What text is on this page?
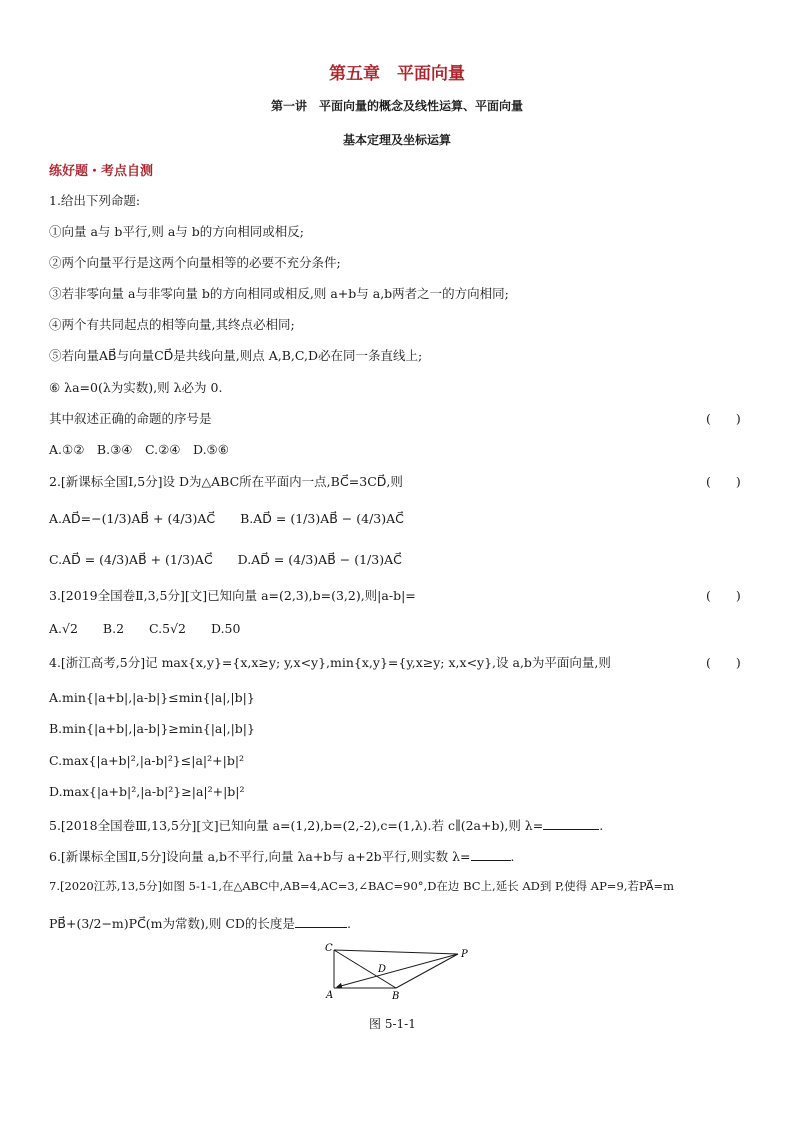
第五章　平面向量
第一讲　平面向量的概念及线性运算、平面向量
基本定理及坐标运算
练好题・考点自测
1.给出下列命题:
①向量 a与 b平行,则 a与 b的方向相同或相反;
②两个向量平行是这两个向量相等的必要不充分条件;
③若非零向量 a与非零向量 b的方向相同或相反,则 a+b与 a,b两者之一的方向相同;
④两个有共同起点的相等向量,其终点必相同;
⑤若向量AB⃗与向量CD⃗是共线向量,则点 A,B,C,D必在同一条直线上;
⑥ λa=0(λ为实数),则 λ必为 0.
其中叙述正确的命题的序号是	(　　)
A.①②　B.③④　C.②④　D.⑤⑥
2.[新课标全国Ⅰ,5分]设 D为△ABC所在平面内一点,BC⃗=3CD⃗,则	(　　)
A.AD⃗=−(1/3)AB⃗ + (4/3)AC⃗　　B.AD⃗ = (1/3)AB⃗ − (4/3)AC⃗
C.AD⃗ = (4/3)AB⃗ + (1/3)AC⃗　　D.AD⃗ = (4/3)AB⃗ − (1/3)AC⃗
3.[2019全国卷Ⅱ,3,5分][文]已知向量 a=(2,3),b=(3,2),则|a-b|=	(　　)
A.√2　　B.2　　C.5√2　　D.50
4.[浙江高考,5分]记 max{x,y}={x,x≥y; y,x<y},min{x,y}={y,x≥y; x,x<y},设 a,b为平面向量,则	(　　)
A.min{|a+b|,|a-b|}≤min{|a|,|b|}
B.min{|a+b|,|a-b|}≥min{|a|,|b|}
C.max{|a+b|²,|a-b|²}≤|a|²+|b|²
D.max{|a+b|²,|a-b|²}≥|a|²+|b|²
5.[2018全国卷Ⅲ,13,5分][文]已知向量 a=(1,2),b=(2,-2),c=(1,λ).若 c∥(2a+b),则 λ=	.
6.[新课标全国Ⅱ,5分]设向量 a,b不平行,向量 λa+b与 a+2b平行,则实数 λ=	.
7.[2020江苏,13,5分]如图 5-1-1,在△ABC中,AB=4,AC=3,∠BAC=90°,D在边 BC上,延长 AD到 P,使得 AP=9,若PA⃗=m
PB⃗+(3/2−m)PC⃗(m为常数),则 CD的长度是	.
C
D
P
A	B
图 5-1-1
